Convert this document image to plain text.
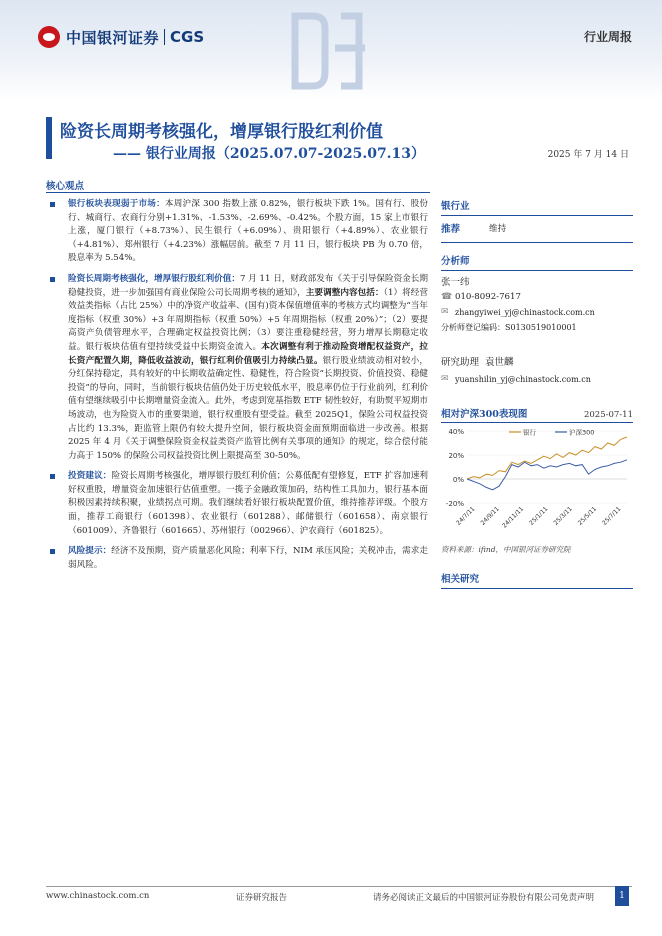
中国银河证券 CGS	行业周报
险资长周期考核强化，增厚银行股红利价值
—— 银行业周报（2025.07.07-2025.07.13）	2025 年 7 月 14 日
核心观点
银行板块表现弱于市场：本周沪深 300 指数上涨 0.82%，银行板块下跌 1%。国有行、股份行、城商行、农商行分别+1.31%、-1.53%、-2.69%、-0.42%。个股方面，15 家上市银行上涨，厦门银行（+8.73%）、民生银行（+6.09%）、贵阳银行（+4.89%）、农业银行（+4.81%）、郑州银行（+4.23%）涨幅居前。截至 7 月 11 日，银行板块 PB 为 0.70 倍，股息率为 5.54%。
险资长周期考核强化，增厚银行股红利价值：7 月 11 日，财政部发布《关于引导保险资金长期稳健投资，进一步加强国有商业保险公司长周期考核的通知》，主要调整内容包括：（1）将经营效益类指标（占比 25%）中的净资产收益率、(国有)资本保值增值率的考核方式均调整为“当年度指标（权重 30%）+3 年周期指标（权重 50%）+5 年周期指标（权重 20%）”；（2）要提高资产负债管理水平，合理确定权益投资比例；（3）要注重稳健经营，努力增厚长期稳定收益。银行板块估值有望持续受益中长期资金流入。本次调整有利于推动险资增配权益资产，拉长资产配置久期，降低收益波动，银行红利价值吸引力持续凸显。银行股业绩波动相对较小，分红保持稳定，具有较好的中长期收益确定性、稳健性，符合险资“长期投资、价值投资、稳健投资”的导向，同时，当前银行板块估值仍处于历史较低水平，股息率仍位于行业前列，红利价值有望继续吸引中长期增量资金流入。此外，考虑到宽基指数 ETF 韧性较好，有助熨平短期市场波动，也为险资入市的重要渠道，银行权重股有望受益。截至 2025Q1，保险公司权益投资占比约 13.3%，距监管上限仍有较大提升空间，银行板块资金面预期面临进一步改善。根据 2025 年 4 月《关于调整保险资金权益类资产监管比例有关事项的通知》的规定，综合偿付能力高于 150% 的保险公司权益投资比例上限提高至 30-50%。
投资建议：险资长周期考核强化，增厚银行股红利价值；公募低配有望修复，ETF 扩容加速利好权重股，增量资金加速银行估值重塑。一揽子金融政策加码，结构性工具加力，银行基本面积极因素持续积聚，业绩拐点可期。我们继续看好银行板块配置价值，维持推荐评级。个股方面，推荐工商银行（601398）、农业银行（601288）、邮储银行（601658）、南京银行（601009）、齐鲁银行（601665）、苏州银行（002966）、沪农商行（601825）。
风险提示：经济不及预期，资产质量恶化风险；利率下行，NIM 承压风险；关税冲击，需求走弱风险。
银行业
推荐	维持
分析师
张一纬
☎ 010-8092-7617
✉ zhangyiwei_yj@chinastock.com.cn
分析师登记编码：S0130519010001
研究助理 袁世麟
✉ yuanshilin_yj@chinastock.com.cn
相对沪深300表现图	2025-07-11
40%
20%
0%
-20%
24/7/11 24/9/11 24/11/11 25/1/11 25/3/11 25/5/11 25/7/11
银行	沪深300
资料来源：ifind，中国银河证券研究院
相关研究
www.chinastock.com.cn	证券研究报告	请务必阅读正文最后的中国银河证券股份有限公司免责声明	1
